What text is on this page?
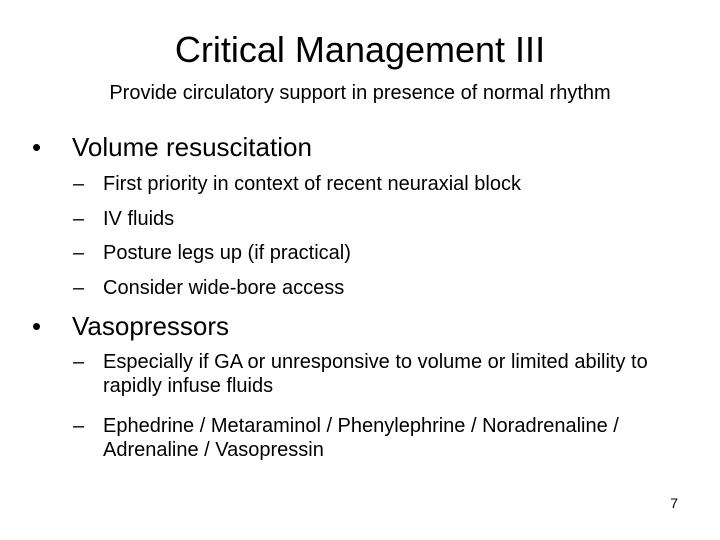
Critical Management III
Provide circulatory support in presence of normal rhythm
• Volume resuscitation
– First priority in context of recent neuraxial block
– IV fluids
– Posture legs up (if practical)
– Consider wide-bore access
• Vasopressors
– Especially if GA or unresponsive to volume or limited ability to rapidly infuse fluids
– Ephedrine / Metaraminol / Phenylephrine / Noradrenaline / Adrenaline / Vasopressin
7
